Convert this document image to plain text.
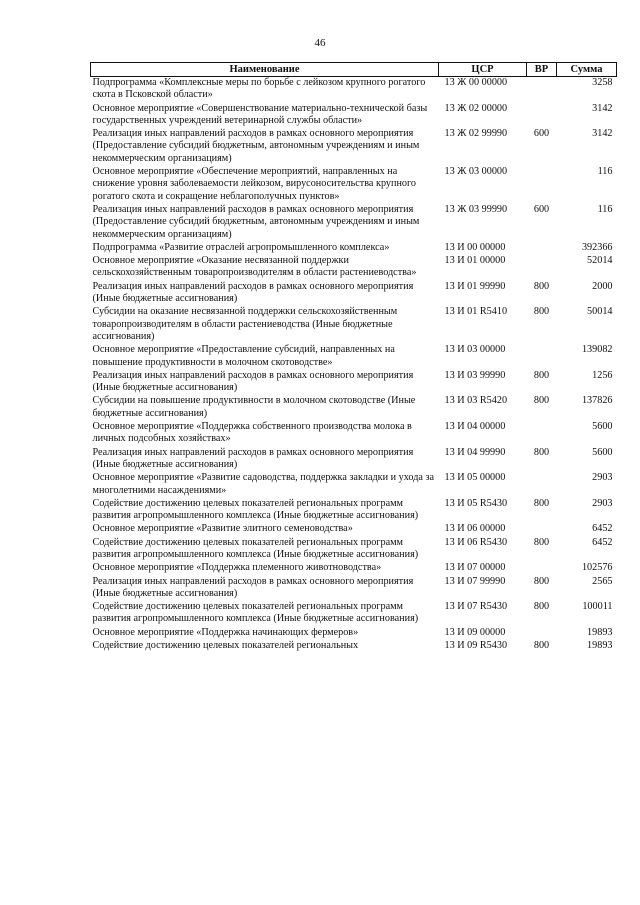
46
Наименование	ЦСР	ВР	Сумма
Подпрограмма «Комплексные меры по борьбе с лейкозом крупного рогатого скота в Псковской области»	13 Ж 00 00000		3258
Основное мероприятие «Совершенствование материально-технической базы государственных учреждений ветеринарной службы области»	13 Ж 02 00000		3142
Реализация иных направлений расходов в рамках основного мероприятия (Предоставление субсидий бюджетным, автономным учреждениям и иным некоммерческим организациям)	13 Ж 02 99990	600	3142
Основное мероприятие «Обеспечение мероприятий, направленных на снижение уровня заболеваемости лейкозом, вирусоносительства крупного рогатого скота и сокращение неблагополучных пунктов»	13 Ж 03 00000		116
Реализация иных направлений расходов в рамках основного мероприятия (Предоставление субсидий бюджетным, автономным учреждениям и иным некоммерческим организациям)	13 Ж 03 99990	600	116
Подпрограмма «Развитие отраслей агропромышленного комплекса»	13 И 00 00000		392366
Основное мероприятие «Оказание несвязанной поддержки сельскохозяйственным товаропроизводителям в области растениеводства»	13 И 01 00000		52014
Реализация иных направлений расходов в рамках основного мероприятия (Иные бюджетные ассигнования)	13 И 01 99990	800	2000
Субсидии на оказание несвязанной поддержки сельскохозяйственным товаропроизводителям в области растениеводства (Иные бюджетные ассигнования)	13 И 01 R5410	800	50014
Основное мероприятие «Предоставление субсидий, направленных на повышение продуктивности в молочном скотоводстве»	13 И 03 00000		139082
Реализация иных направлений расходов в рамках основного мероприятия (Иные бюджетные ассигнования)	13 И 03 99990	800	1256
Субсидии на повышение продуктивности в молочном скотоводстве (Иные бюджетные ассигнования)	13 И 03 R5420	800	137826
Основное мероприятие «Поддержка собственного производства молока в личных подсобных хозяйствах»	13 И 04 00000		5600
Реализация иных направлений расходов в рамках основного мероприятия (Иные бюджетные ассигнования)	13 И 04 99990	800	5600
Основное мероприятие «Развитие садоводства, поддержка закладки и ухода за многолетними насаждениями»	13 И 05 00000		2903
Содействие достижению целевых показателей региональных программ развития агропромышленного комплекса (Иные бюджетные ассигнования)	13 И 05 R5430	800	2903
Основное мероприятие «Развитие элитного семеноводства»	13 И 06 00000		6452
Содействие достижению целевых показателей региональных программ развития агропромышленного комплекса (Иные бюджетные ассигнования)	13 И 06 R5430	800	6452
Основное мероприятие «Поддержка племенного животноводства»	13 И 07 00000		102576
Реализация иных направлений расходов в рамках основного мероприятия (Иные бюджетные ассигнования)	13 И 07 99990	800	2565
Содействие достижению целевых показателей региональных программ развития агропромышленного комплекса (Иные бюджетные ассигнования)	13 И 07 R5430	800	100011
Основное мероприятие «Поддержка начинающих фермеров»	13 И 09 00000		19893
Содействие достижению целевых показателей региональных	13 И 09 R5430	800	19893
